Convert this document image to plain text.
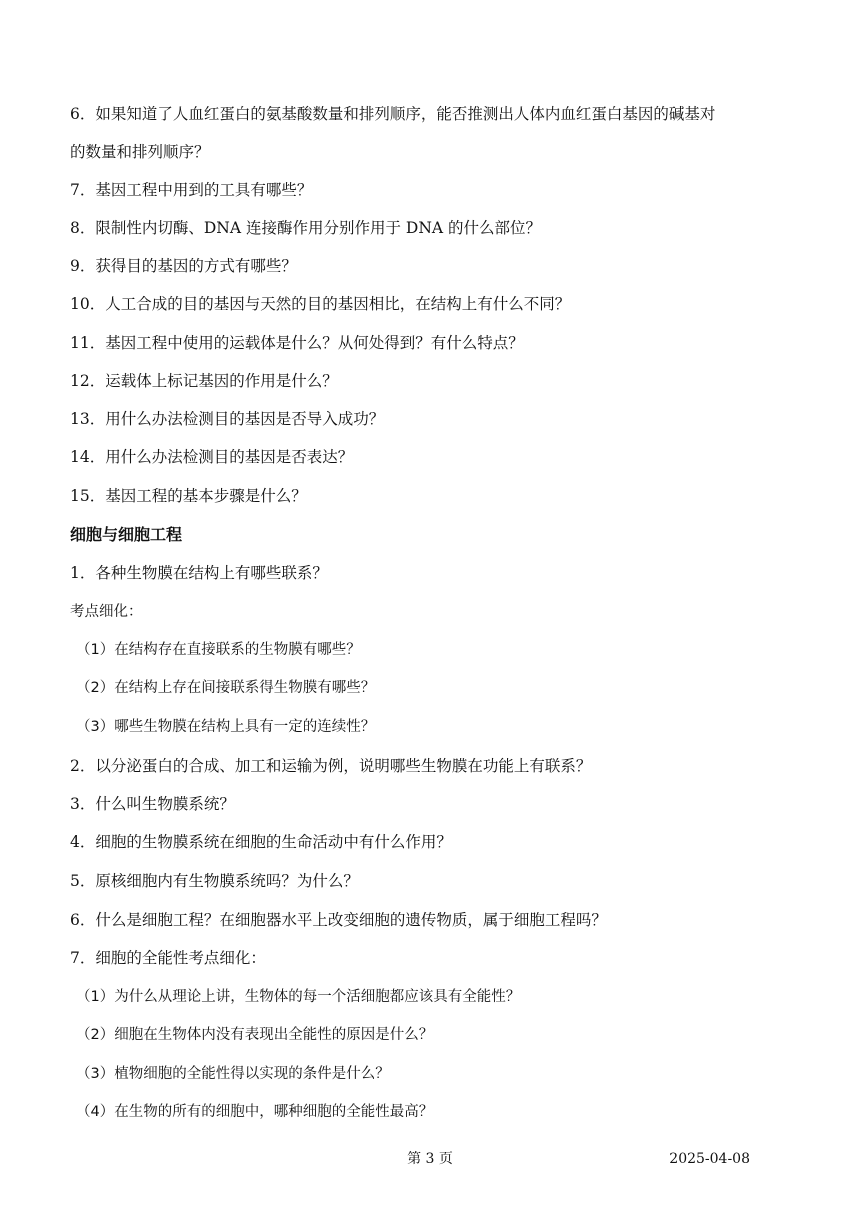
6．如果知道了人血红蛋白的氨基酸数量和排列顺序，能否推测出人体内血红蛋白基因的碱基对
的数量和排列顺序？
7．基因工程中用到的工具有哪些？
8．限制性内切酶、DNA 连接酶作用分别作用于 DNA 的什么部位？
9．获得目的基因的方式有哪些？
10．人工合成的目的基因与天然的目的基因相比，在结构上有什么不同？
11．基因工程中使用的运载体是什么？从何处得到？有什么特点？
12．运载体上标记基因的作用是什么？
13．用什么办法检测目的基因是否导入成功？
14．用什么办法检测目的基因是否表达？
15．基因工程的基本步骤是什么？
细胞与细胞工程
1．各种生物膜在结构上有哪些联系？
考点细化：
（1）在结构存在直接联系的生物膜有哪些？
（2）在结构上存在间接联系得生物膜有哪些？
（3）哪些生物膜在结构上具有一定的连续性？
2．以分泌蛋白的合成、加工和运输为例，说明哪些生物膜在功能上有联系？
3．什么叫生物膜系统？
4．细胞的生物膜系统在细胞的生命活动中有什么作用？
5．原核细胞内有生物膜系统吗？为什么？
6．什么是细胞工程？在细胞器水平上改变细胞的遗传物质，属于细胞工程吗？
7．细胞的全能性考点细化：
（1）为什么从理论上讲，生物体的每一个活细胞都应该具有全能性？
（2）细胞在生物体内没有表现出全能性的原因是什么？
（3）植物细胞的全能性得以实现的条件是什么？
（4）在生物的所有的细胞中，哪种细胞的全能性最高？
第 3 页	2025-04-08
